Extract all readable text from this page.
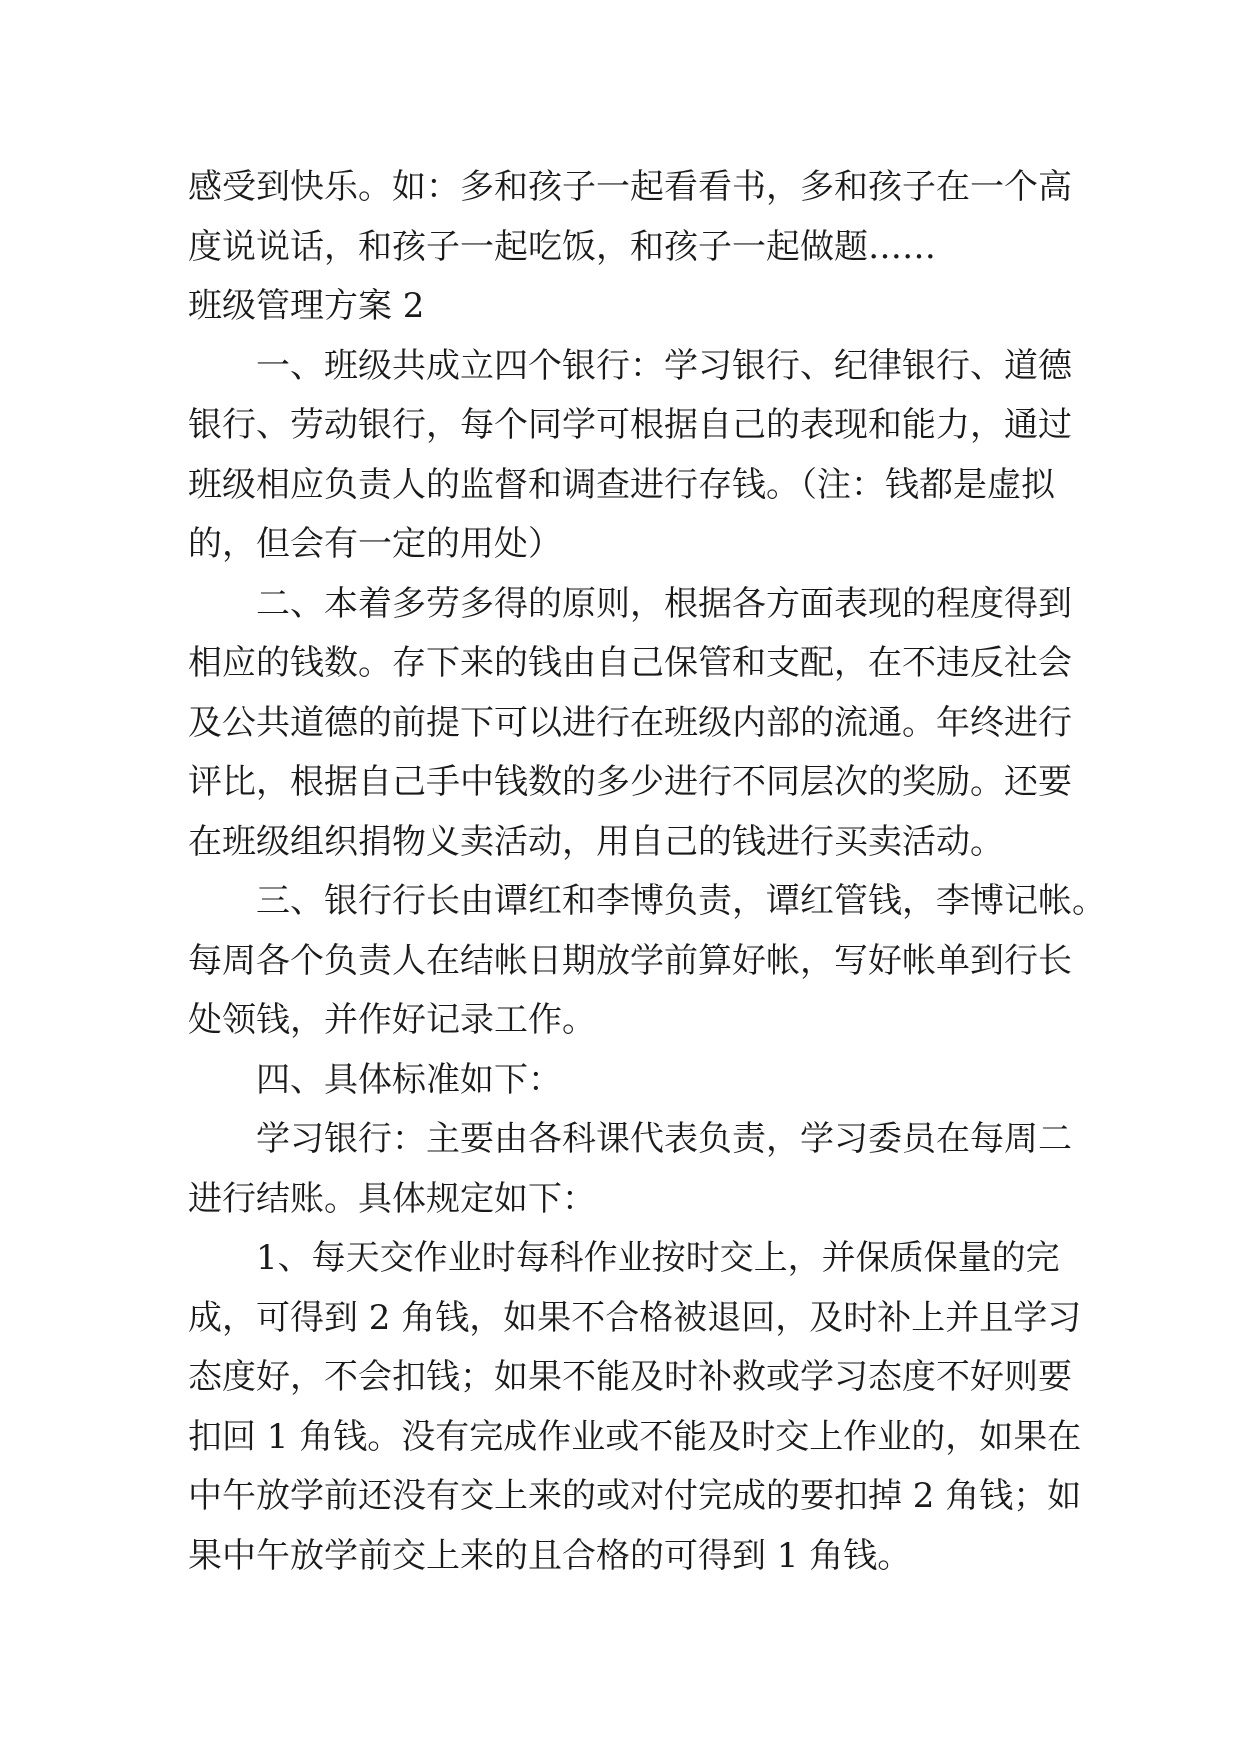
感受到快乐。如：多和孩子一起看看书，多和孩子在一个高
度说说话，和孩子一起吃饭，和孩子一起做题……
班级管理方案 2
一、班级共成立四个银行：学习银行、纪律银行、道德
银行、劳动银行，每个同学可根据自己的表现和能力，通过
班级相应负责人的监督和调查进行存钱。（注：钱都是虚拟
的，但会有一定的用处）
二、本着多劳多得的原则，根据各方面表现的程度得到
相应的钱数。存下来的钱由自己保管和支配，在不违反社会
及公共道德的前提下可以进行在班级内部的流通。年终进行
评比，根据自己手中钱数的多少进行不同层次的奖励。还要
在班级组织捐物义卖活动，用自己的钱进行买卖活动。
三、银行行长由谭红和李博负责，谭红管钱，李博记帐。
每周各个负责人在结帐日期放学前算好帐，写好帐单到行长
处领钱，并作好记录工作。
四、具体标准如下：
学习银行：主要由各科课代表负责，学习委员在每周二
进行结账。具体规定如下：
1、每天交作业时每科作业按时交上，并保质保量的完
成，可得到 2 角钱，如果不合格被退回，及时补上并且学习
态度好，不会扣钱；如果不能及时补救或学习态度不好则要
扣回 1 角钱。没有完成作业或不能及时交上作业的，如果在
中午放学前还没有交上来的或对付完成的要扣掉 2 角钱；如
果中午放学前交上来的且合格的可得到 1 角钱。
